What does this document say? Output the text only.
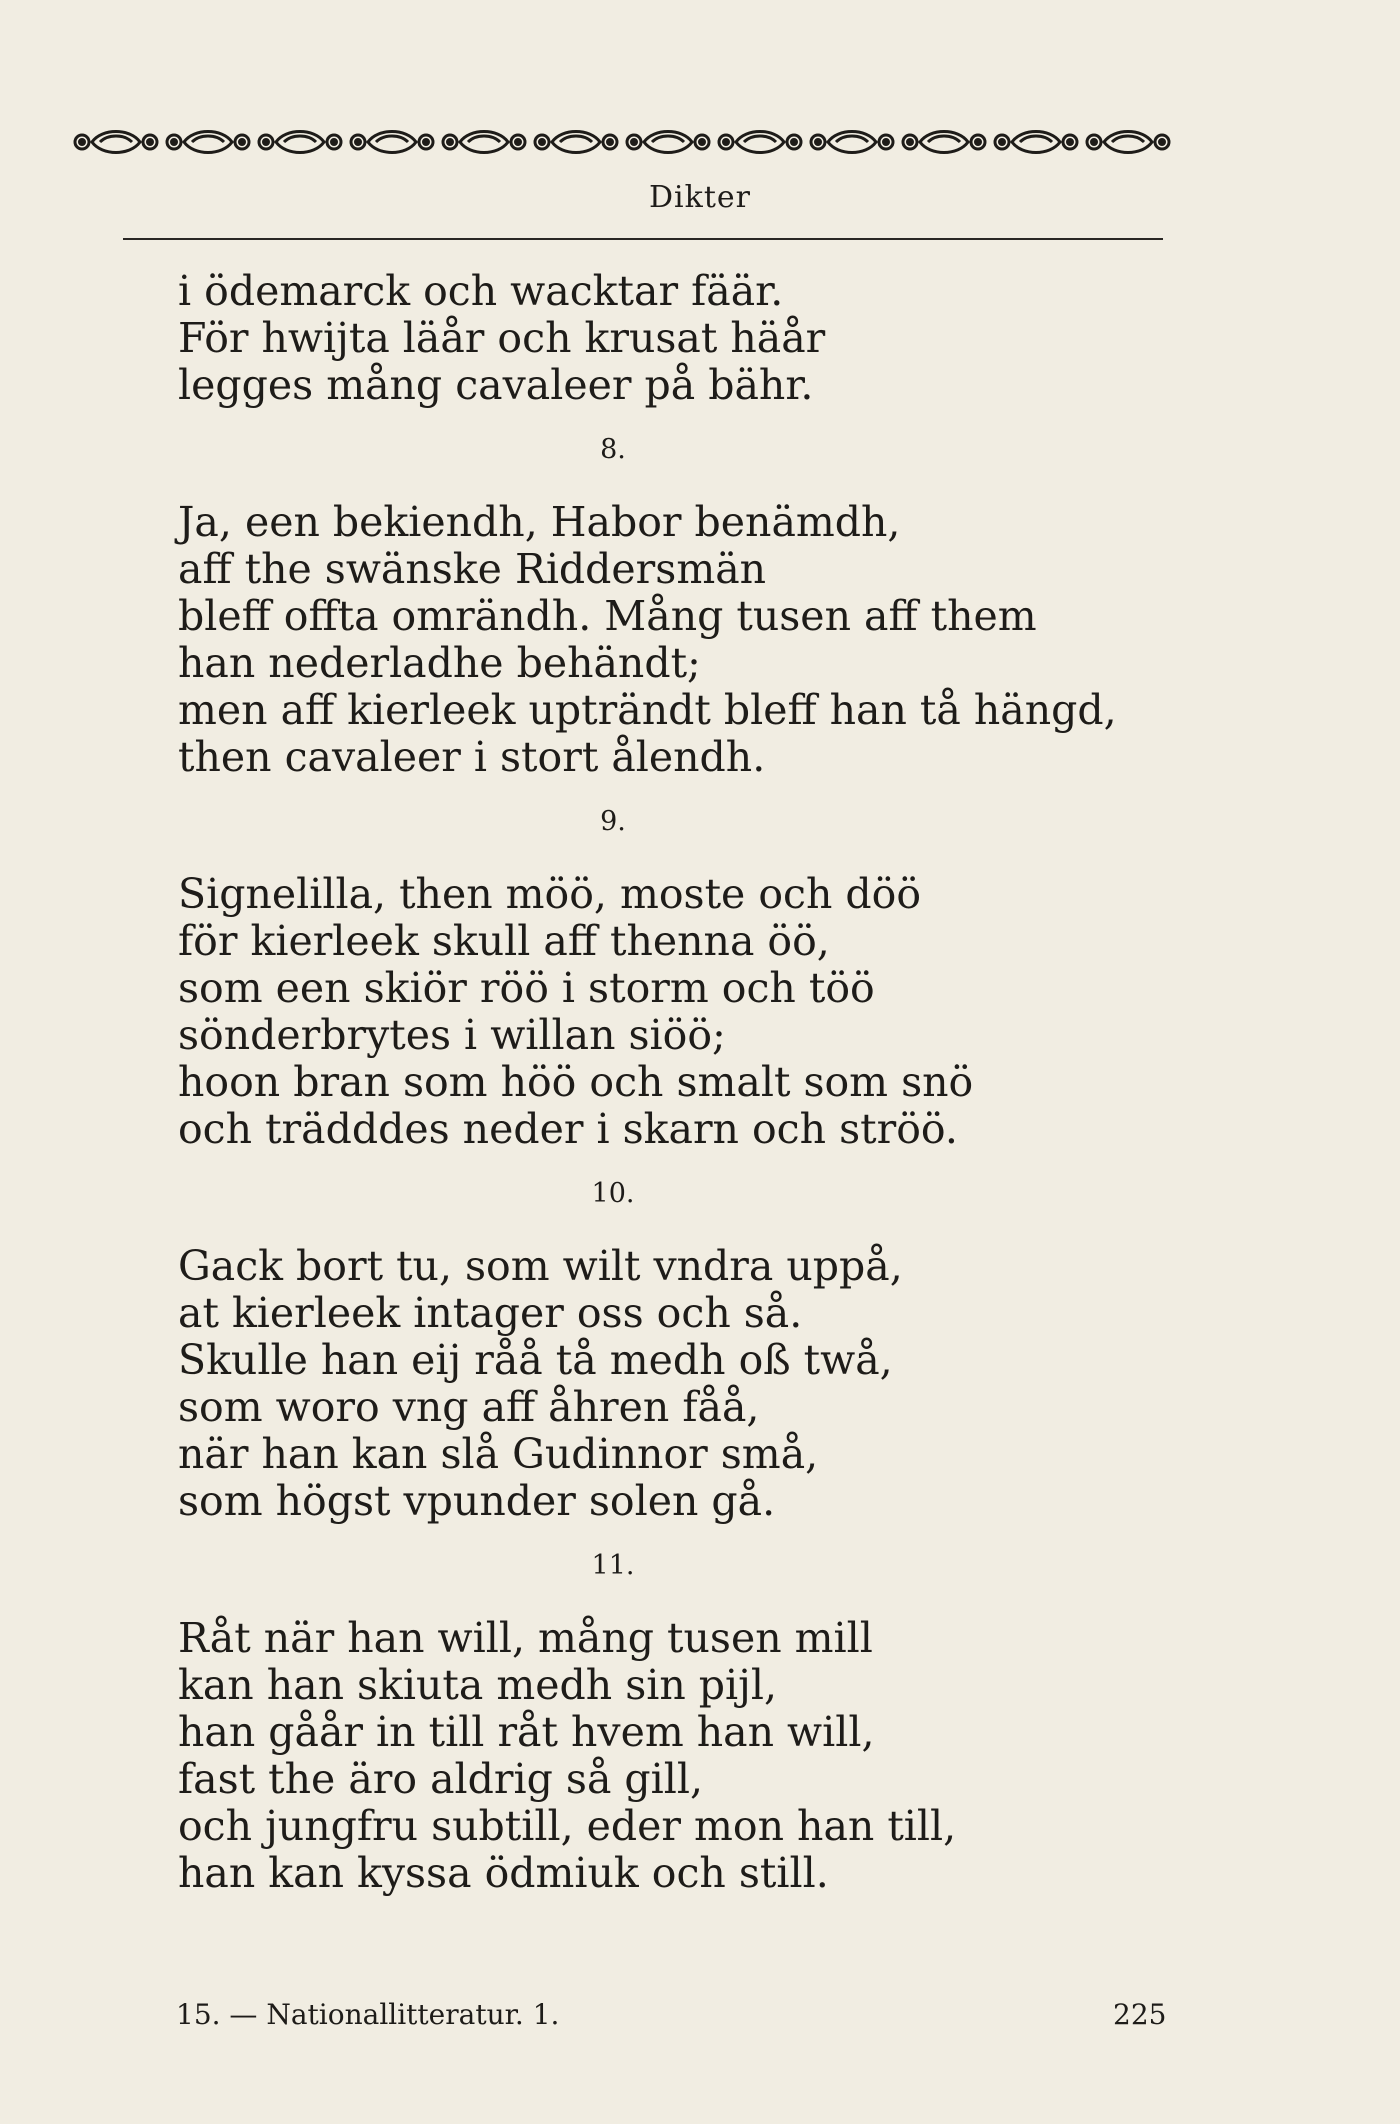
Dikter
i ödemarck och wacktar fäär.
För hwijta läår och krusat häår
legges mång cavaleer på bähr.
8.
Ja, een bekiendh, Habor benämdh,
aff the swänske Riddersmän
bleff offta omrändh. Mång tusen aff them
han nederladhe behändt;
men aff kierleek upträndt bleff han tå hängd,
then cavaleer i stort ålendh.
9.
Signelilla, then möö, moste och döö
för kierleek skull aff thenna öö,
som een skiör röö i storm och töö
sönderbrytes i willan siöö;
hoon bran som höö och smalt som snö
och trädddes neder i skarn och ströö.
10.
Gack bort tu, som wilt vndra uppå,
at kierleek intager oss och så.
Skulle han eij råå tå medh oß twå,
som woro vng aff åhren fåå,
när han kan slå Gudinnor små,
som högst vpunder solen gå.
11.
Råt när han will, mång tusen mill
kan han skiuta medh sin pijl,
han gåår in till råt hvem han will,
fast the äro aldrig så gill,
och jungfru subtill, eder mon han till,
han kan kyssa ödmiuk och still.
15. — Nationallitteratur. 1.	225
